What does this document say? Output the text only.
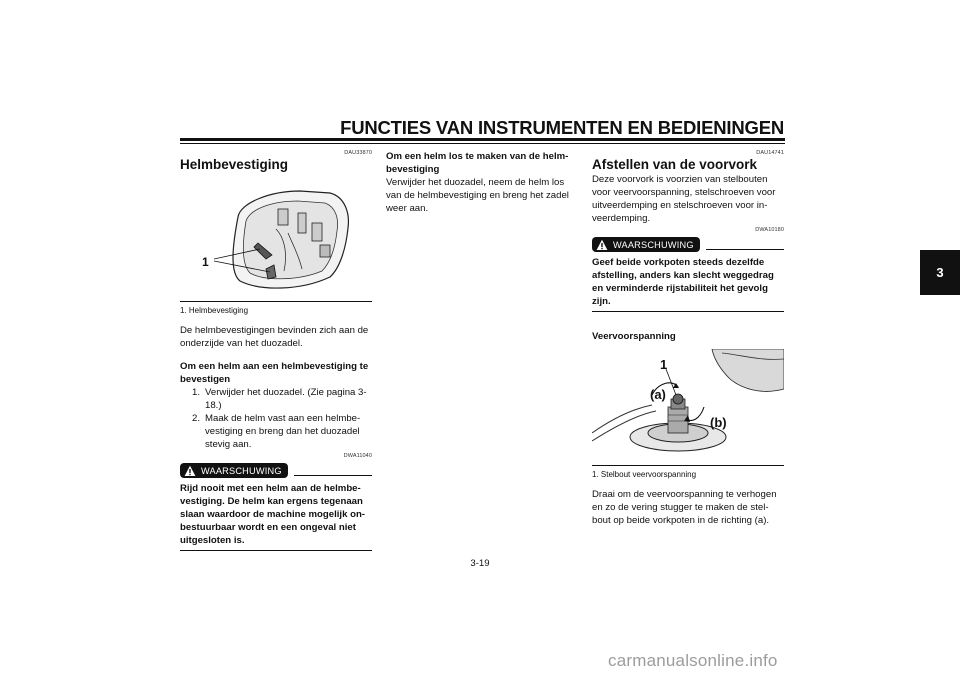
FUNCTIES VAN INSTRUMENTEN EN BEDIENINGEN
3
DAU33870
Helmbevestiging
1

1. Helmbevestiging

De helmbevestigingen bevinden zich aan de onderzijde van het duozadel.

Om een helm aan een helmbevestiging te bevestigen

1. Verwijder het duozadel. (Zie pagina 3-18.)
2. Maak de helm vast aan een helmbe-vestiging en breng dan het duozadel stevig aan.
DWA11040
WAARSCHUWING
Rijd nooit met een helm aan de helmbe-vestiging. De helm kan ergens tegenaan slaan waardoor de machine mogelijk on-bestuurbaar wordt en een ongeval niet uitgesloten is.

Om een helm los te maken van de helm-bevestiging

Verwijder het duozadel, neem de helm los van de helmbevestiging en breng het zadel weer aan.

DAU14741
Afstellen van de voorvork

Deze voorvork is voorzien van stelbouten voor veervoorspanning, stelschroeven voor uitveerdemping en stelschroeven voor in-veerdemping.

DWA10180
WAARSCHUWING
Geef beide vorkpoten steeds dezelfde afstelling, anders kan slecht weggedrag en verminderde rijstabiliteit het gevolg zijn.

Veervoorspanning

1
(a)
(b)

1. Stelbout veervoorspanning

Draai om de veervoorspanning te verhogen en zo de vering stugger te maken de stel-bout op beide vorkpoten in de richting (a).

3-19
carmanualsonline.info
